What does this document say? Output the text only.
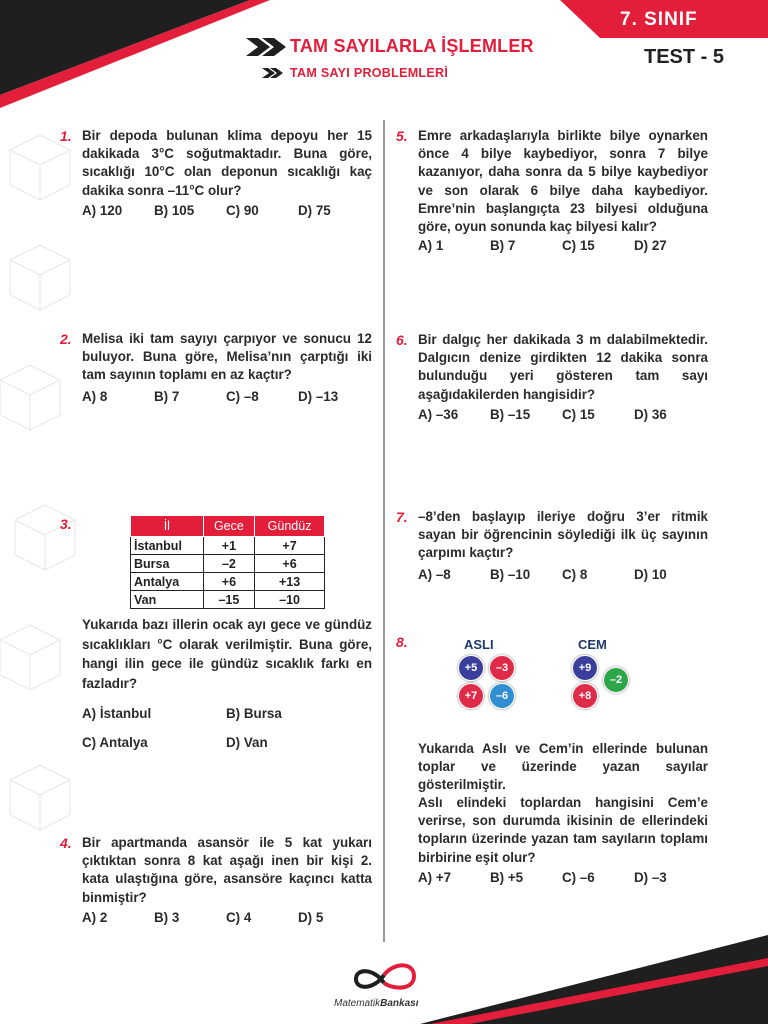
TAM SAYILARLA İŞLEMLER
TAM SAYI PROBLEMLERİ
7. SINIF
TEST - 5
1. Bir depoda bulunan klima depoyu her 15 dakikada 3°C soğutmaktadır. Buna göre, sıcaklığı 10°C olan deponun sıcaklığı kaç dakika sonra –11°C olur?
A) 120 B) 105 C) 90	D) 75
2. Melisa iki tam sayıyı çarpıyor ve sonucu 12 buluyor. Buna göre, Melisa’nın çarptığı iki tam sayının toplamı en az kaçtır?
A) 8	B) 7	C) –8	D) –13
3.	İl	Gece	Gündüz
İstanbul	+1	+7
Bursa	–2	+6
Antalya	+6	+13
Van	–15	–10
Yukarıda bazı illerin ocak ayı gece ve gündüz sıcaklıkları °C olarak verilmiştir. Buna göre, hangi ilin gece ile gündüz sıcaklık farkı en fazladır?
A) İstanbul	B) Bursa
C) Antalya	D) Van
4. Bir apartmanda asansör ile 5 kat yukarı çıktıktan sonra 8 kat aşağı inen bir kişi 2. kata ulaştığına göre, asansöre kaçıncı katta binmiştir?
A) 2	B) 3	C) 4	D) 5
5. Emre arkadaşlarıyla birlikte bilye oynarken önce 4 bilye kaybediyor, sonra 7 bilye kazanıyor, daha sonra da 5 bilye kaybediyor ve son olarak 6 bilye daha kaybediyor. Emre’nin başlangıçta 23 bilyesi olduğuna göre, oyun sonunda kaç bilyesi kalır?
A) 1	B) 7	C) 15	D) 27
6. Bir dalgıç her dakikada 3 m dalabilmektedir. Dalgıcın denize girdikten 12 dakika sonra bulunduğu yeri gösteren tam sayı aşağıdakilerden hangisidir?
A) –36 B) –15 C) 15	D) 36
7. –8’den başlayıp ileriye doğru 3’er ritmik sayan bir öğrencinin söylediği ilk üç sayının çarpımı kaçtır?
A) –8	B) –10 C) 8	D) 10
8.	ASLI
+5	–3
+7	–6
CEM
+9
–2
+8
Yukarıda Aslı ve Cem’in ellerinde bulunan toplar ve üzerinde yazan sayılar gösterilmiştir.
Aslı elindeki toplardan hangisini Cem’e verirse, son durumda ikisinin de ellerindeki topların üzerinde yazan tam sayıların toplamı birbirine eşit olur?
A) +7	B) +5	C) –6	D) –3
MatematikBankası
